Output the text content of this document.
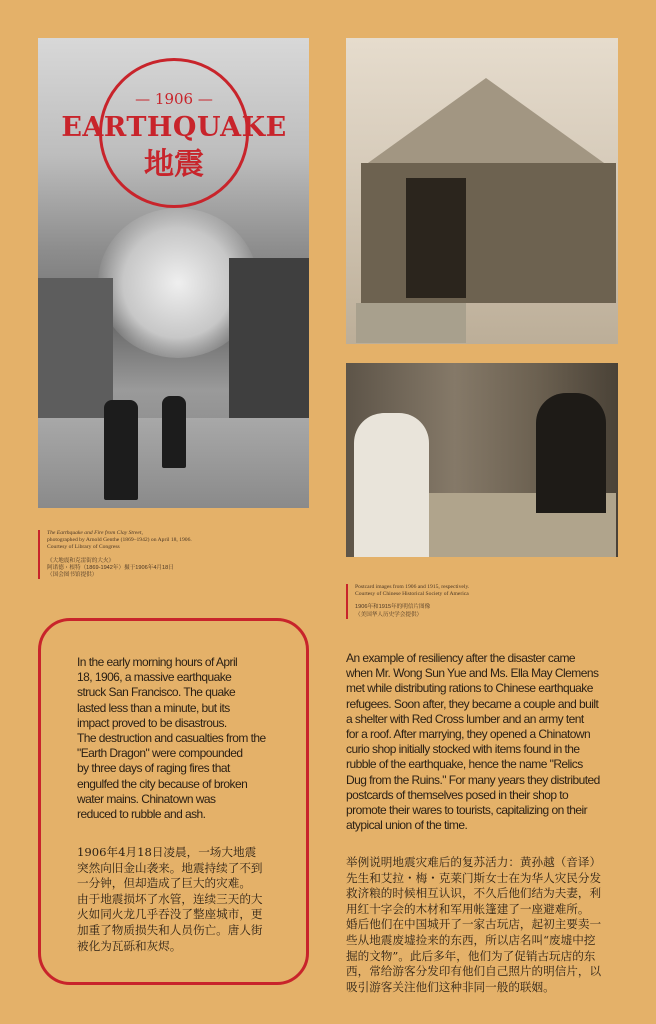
— 1906 —
EARTHQUAKE
地震
The Earthquake and Fire from Clay Street,
photographed by Arnold Genthe (1869–1942) on April 18, 1906.
Courtesy of Library of Congress
《大地震和克雷街的大火》
阿诺德・根特（1869-1942年）摄于1906年4月18日
（国会图书馆提供）
Postcard images from 1906 and 1915, respectively.
Courtesy of Chinese Historical Society of America
1906年和1915年的明信片图像
（美国华人历史学会提供）
In the early morning hours of April
18, 1906, a massive earthquake
struck San Francisco. The quake
lasted less than a minute, but its
impact proved to be disastrous.
The destruction and casualties from the
"Earth Dragon" were compounded
by three days of raging fires that
engulfed the city because of broken
water mains. Chinatown was
reduced to rubble and ash.
1906年4月18日凌晨，一场大地震
突然向旧金山袭来。地震持续了不到
一分钟，但却造成了巨大的灾难。
由于地震损坏了水管，连续三天的大
火如同火龙几乎吞没了整座城市，更
加重了物质损失和人员伤亡。唐人街
被化为瓦砾和灰烬。
An example of resiliency after the disaster came
when Mr. Wong Sun Yue and Ms. Ella May Clemens
met while distributing rations to Chinese earthquake
refugees. Soon after, they became a couple and built
a shelter with Red Cross lumber and an army tent
for a roof. After marrying, they opened a Chinatown
curio shop initially stocked with items found in the
rubble of the earthquake, hence the name "Relics
Dug from the Ruins." For many years they distributed
postcards of themselves posed in their shop to
promote their wares to tourists, capitalizing on their
atypical union of the time.
举例说明地震灾难后的复苏活力：黄孙越（音译）
先生和艾拉・梅・克莱门斯女士在为华人灾民分发
救济粮的时候相互认识，不久后他们结为夫妻，利
用红十字会的木材和军用帐篷建了一座避难所。
婚后他们在中国城开了一家古玩店，起初主要卖一
些从地震废墟捡来的东西，所以店名叫“废墟中挖
掘的文物”。此后多年，他们为了促销古玩店的东
西，常给游客分发印有他们自己照片的明信片，以
吸引游客关注他们这种非同一般的联姻。
